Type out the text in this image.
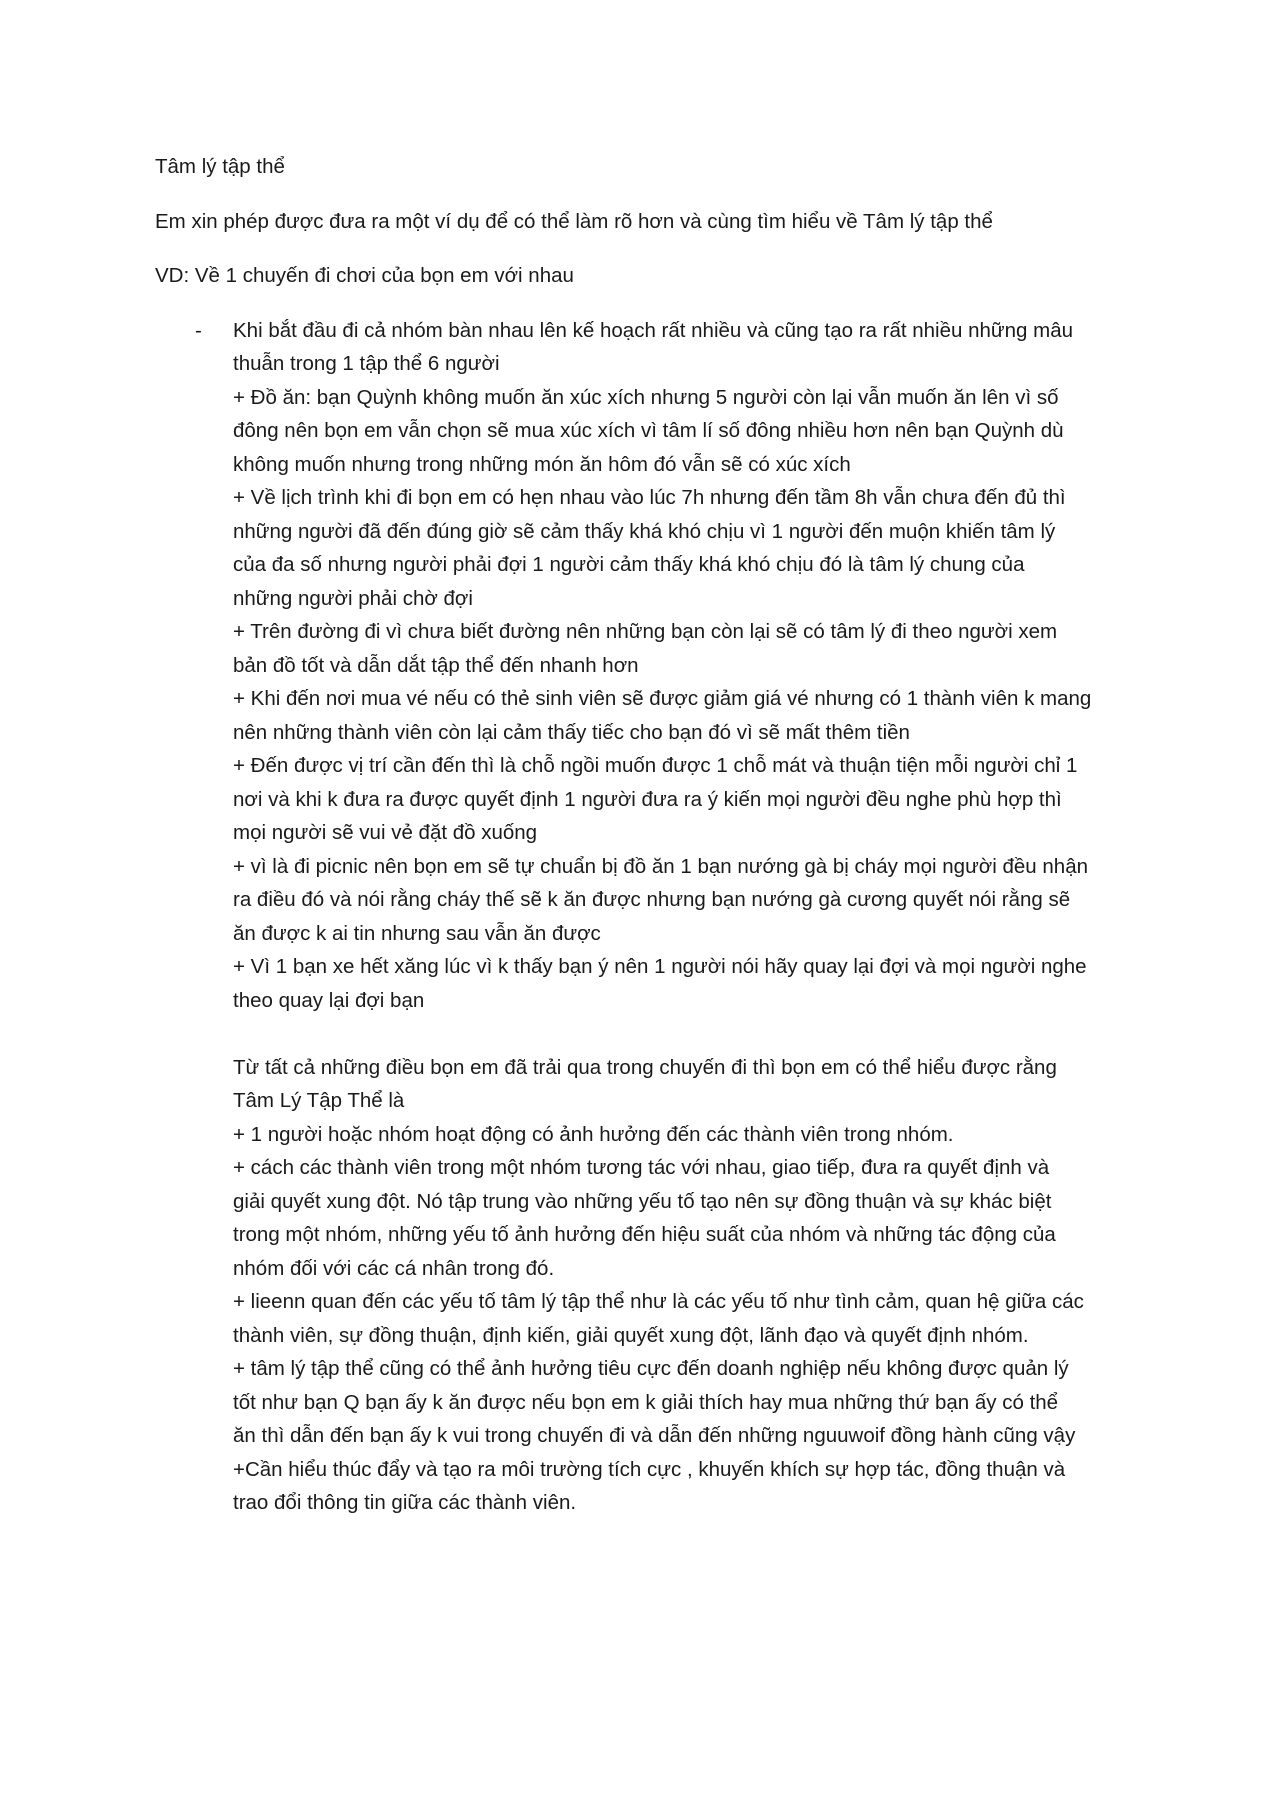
Tâm lý tập thể

Em xin phép được đưa ra một ví dụ để có thể làm rõ hơn và cùng tìm hiểu về Tâm lý tập thể

VD: Về 1 chuyến đi chơi của bọn em với nhau

- Khi bắt đầu đi cả nhóm bàn nhau lên kế hoạch rất nhiều và cũng tạo ra rất nhiều những mâu
thuẫn trong 1 tập thể 6 người
+ Đồ ăn: bạn Quỳnh không muốn ăn xúc xích nhưng 5 người còn lại vẫn muốn ăn lên vì số
đông nên bọn em vẫn chọn sẽ mua xúc xích vì tâm lí số đông nhiều hơn nên bạn Quỳnh dù
không muốn nhưng trong những món ăn hôm đó vẫn sẽ có xúc xích
+ Về lịch trình khi đi bọn em có hẹn nhau vào lúc 7h nhưng đến tầm 8h vẫn chưa đến đủ thì
những người đã đến đúng giờ sẽ cảm thấy khá khó chịu vì 1 người đến muộn khiến tâm lý
của đa số nhưng người phải đợi 1 người cảm thấy khá khó chịu đó là tâm lý chung của
những người phải chờ đợi
+ Trên đường đi vì chưa biết đường nên những bạn còn lại sẽ có tâm lý đi theo người xem
bản đồ tốt và dẫn dắt tập thể đến nhanh hơn
+ Khi đến nơi mua vé nếu có thẻ sinh viên sẽ được giảm giá vé nhưng có 1 thành viên k mang
nên những thành viên còn lại cảm thấy tiếc cho bạn đó vì sẽ mất thêm tiền
+ Đến được vị trí cần đến thì là chỗ ngồi muốn được 1 chỗ mát và thuận tiện mỗi người chỉ 1
nơi và khi k đưa ra được quyết định 1 người đưa ra ý kiến mọi người đều nghe phù hợp thì
mọi người sẽ vui vẻ đặt đồ xuống
+ vì là đi picnic nên bọn em sẽ tự chuẩn bị đồ ăn 1 bạn nướng gà bị cháy mọi người đều nhận
ra điều đó và nói rằng cháy thế sẽ k ăn được nhưng bạn nướng gà cương quyết nói rằng sẽ
ăn được k ai tin nhưng sau vẫn ăn được
+ Vì 1 bạn xe hết xăng lúc vì k thấy bạn ý nên 1 người nói hãy quay lại đợi và mọi người nghe
theo quay lại đợi bạn
Từ tất cả những điều bọn em đã trải qua trong chuyến đi thì bọn em có thể hiểu được rằng
Tâm Lý Tập Thể là
+ 1 người hoặc nhóm hoạt động có ảnh hưởng đến các thành viên trong nhóm.
+ cách các thành viên trong một nhóm tương tác với nhau, giao tiếp, đưa ra quyết định và
giải quyết xung đột. Nó tập trung vào những yếu tố tạo nên sự đồng thuận và sự khác biệt
trong một nhóm, những yếu tố ảnh hưởng đến hiệu suất của nhóm và những tác động của
nhóm đối với các cá nhân trong đó.
+ lieenn quan đến các yếu tố tâm lý tập thể như là các yếu tố như tình cảm, quan hệ giữa các
thành viên, sự đồng thuận, định kiến, giải quyết xung đột, lãnh đạo và quyết định nhóm.
+ tâm lý tập thể cũng có thể ảnh hưởng tiêu cực đến doanh nghiệp nếu không được quản lý
tốt như bạn Q bạn ấy k ăn được nếu bọn em k giải thích hay mua những thứ bạn ấy có thể
ăn thì dẫn đến bạn ấy k vui trong chuyến đi và dẫn đến những nguuwoif đồng hành cũng vậy
+Cần hiểu thúc đẩy và tạo ra môi trường tích cực , khuyến khích sự hợp tác, đồng thuận và
trao đổi thông tin giữa các thành viên.
